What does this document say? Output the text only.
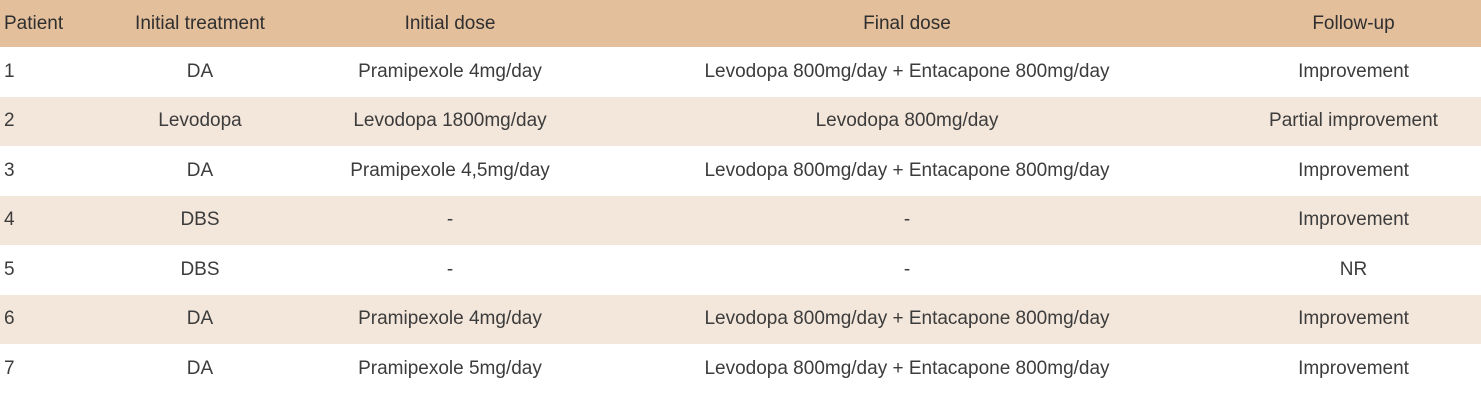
Patient	Initial treatment	Initial dose	Final dose	Follow-up
1	DA	Pramipexole 4mg/day	Levodopa 800mg/day + Entacapone 800mg/day	Improvement
2	Levodopa	Levodopa 1800mg/day	Levodopa 800mg/day	Partial improvement
3	DA	Pramipexole 4,5mg/day	Levodopa 800mg/day + Entacapone 800mg/day	Improvement
4	DBS	-	-	Improvement
5	DBS	-	-	NR
6	DA	Pramipexole 4mg/day	Levodopa 800mg/day + Entacapone 800mg/day	Improvement
7	DA	Pramipexole 5mg/day	Levodopa 800mg/day + Entacapone 800mg/day	Improvement
